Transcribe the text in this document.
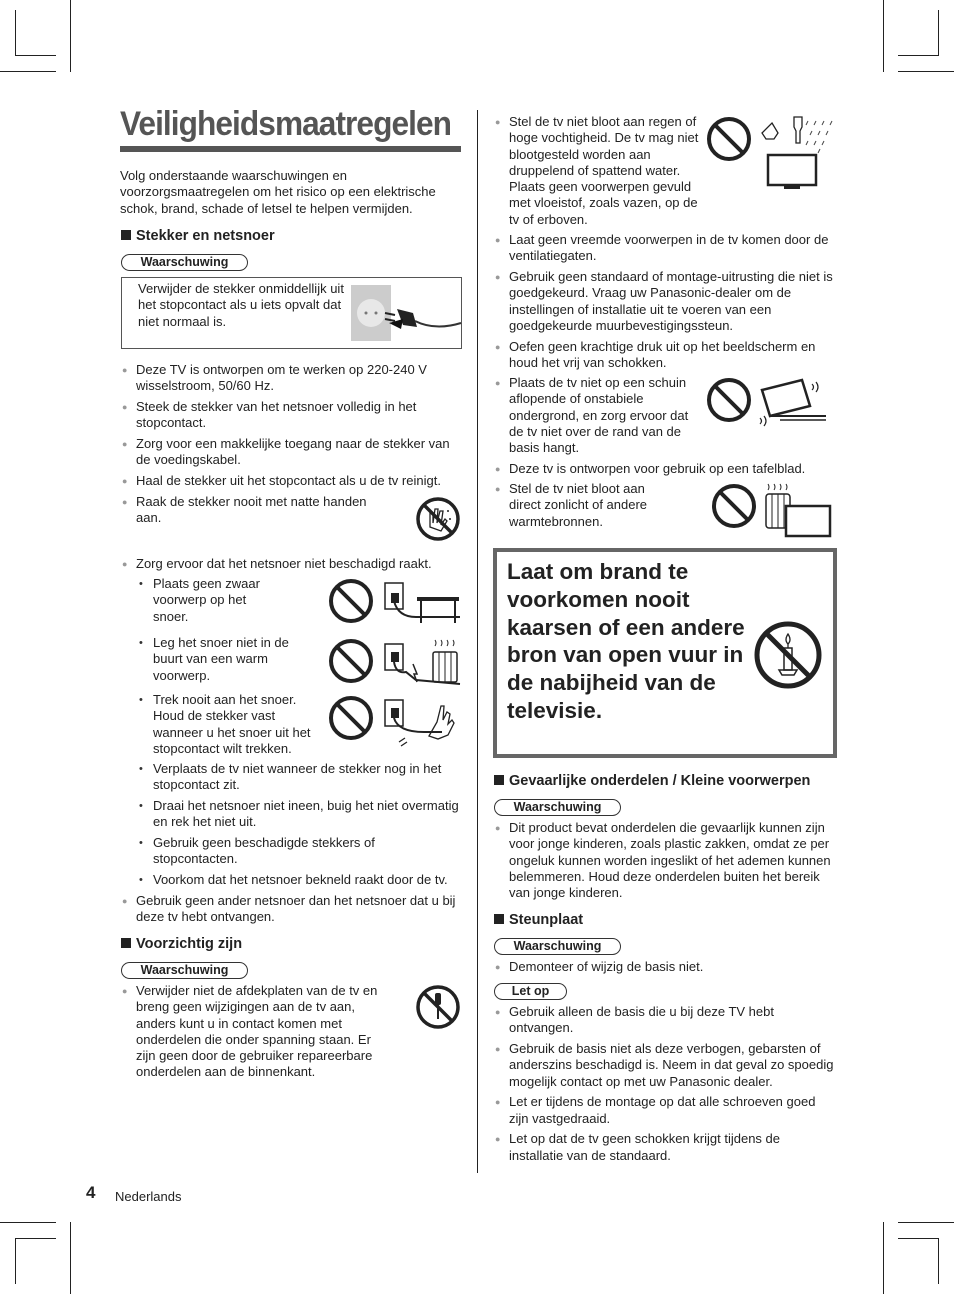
Veiligheidsmaatregelen

Volg onderstaande waarschuwingen en voorzorgsmaatregelen om het risico op een elektrische schok, brand, schade of letsel te helpen vermijden.

Stekker en netsnoer
Waarschuwing

Verwijder de stekker onmiddellijk uit het stopcontact als u iets opvalt dat niet normaal is.

● Deze TV is ontworpen om te werken op 220-240 V wisselstroom, 50/60 Hz.
● Steek de stekker van het netsnoer volledig in het stopcontact.
● Zorg voor een makkelijke toegang naar de stekker van de voedingskabel.
● Haal de stekker uit het stopcontact als u de tv reinigt.
● Raak de stekker nooit met natte handen aan.
● Zorg ervoor dat het netsnoer niet beschadigd raakt.
• Plaats geen zwaar voorwerp op het snoer.
• Leg het snoer niet in de buurt van een warm voorwerp.
• Trek nooit aan het snoer. Houd de stekker vast wanneer u het snoer uit het stopcontact wilt trekken.
• Verplaats de tv niet wanneer de stekker nog in het stopcontact zit.
• Draai het netsnoer niet ineen, buig het niet overmatig en rek het niet uit.
• Gebruik geen beschadigde stekkers of stopcontacten.
• Voorkom dat het netsnoer bekneld raakt door de tv.
● Gebruik geen ander netsnoer dan het netsnoer dat u bij deze tv hebt ontvangen.
Voorzichtig zijn
Waarschuwing
● Verwijder niet de afdekplaten van de tv en breng geen wijzigingen aan de tv aan, anders kunt u in contact komen met onderdelen die onder spanning staan. Er zijn geen door de gebruiker repareerbare onderdelen aan de binnenkant.
● Stel de tv niet bloot aan regen of hoge vochtigheid. De tv mag niet blootgesteld worden aan druppelend of spattend water. Plaats geen voorwerpen gevuld met vloeistof, zoals vazen, op de tv of erboven.
● Laat geen vreemde voorwerpen in de tv komen door de ventilatiegaten.
● Gebruik geen standaard of montage-uitrusting die niet is goedgekeurd. Vraag uw Panasonic-dealer om de instellingen of installatie uit te voeren van een goedgekeurde muurbevestigingssteun.
● Oefen geen krachtige druk uit op het beeldscherm en houd het vrij van schokken.
● Plaats de tv niet op een schuin aflopende of onstabiele ondergrond, en zorg ervoor dat de tv niet over de rand van de basis hangt.
● Deze tv is ontworpen voor gebruik op een tafelblad.
● Stel de tv niet bloot aan direct zonlicht of andere warmtebronnen.

Laat om brand te voorkomen nooit kaarsen of een andere bron van open vuur in de nabijheid van de televisie.

Gevaarlijke onderdelen / Kleine voorwerpen
Waarschuwing
● Dit product bevat onderdelen die gevaarlijk kunnen zijn voor jonge kinderen, zoals plastic zakken, omdat ze per ongeluk kunnen worden ingeslikt of het ademen kunnen belemmeren. Houd deze onderdelen buiten het bereik van jonge kinderen.
Steunplaat
Waarschuwing
● Demonteer of wijzig de basis niet.
Let op
● Gebruik alleen de basis die u bij deze TV hebt ontvangen.
● Gebruik de basis niet als deze verbogen, gebarsten of anderszins beschadigd is. Neem in dat geval zo spoedig mogelijk contact op met uw Panasonic dealer.
● Let er tijdens de montage op dat alle schroeven goed zijn vastgedraaid.
● Let op dat de tv geen schokken krijgt tijdens de installatie van de standaard.
4 Nederlands
